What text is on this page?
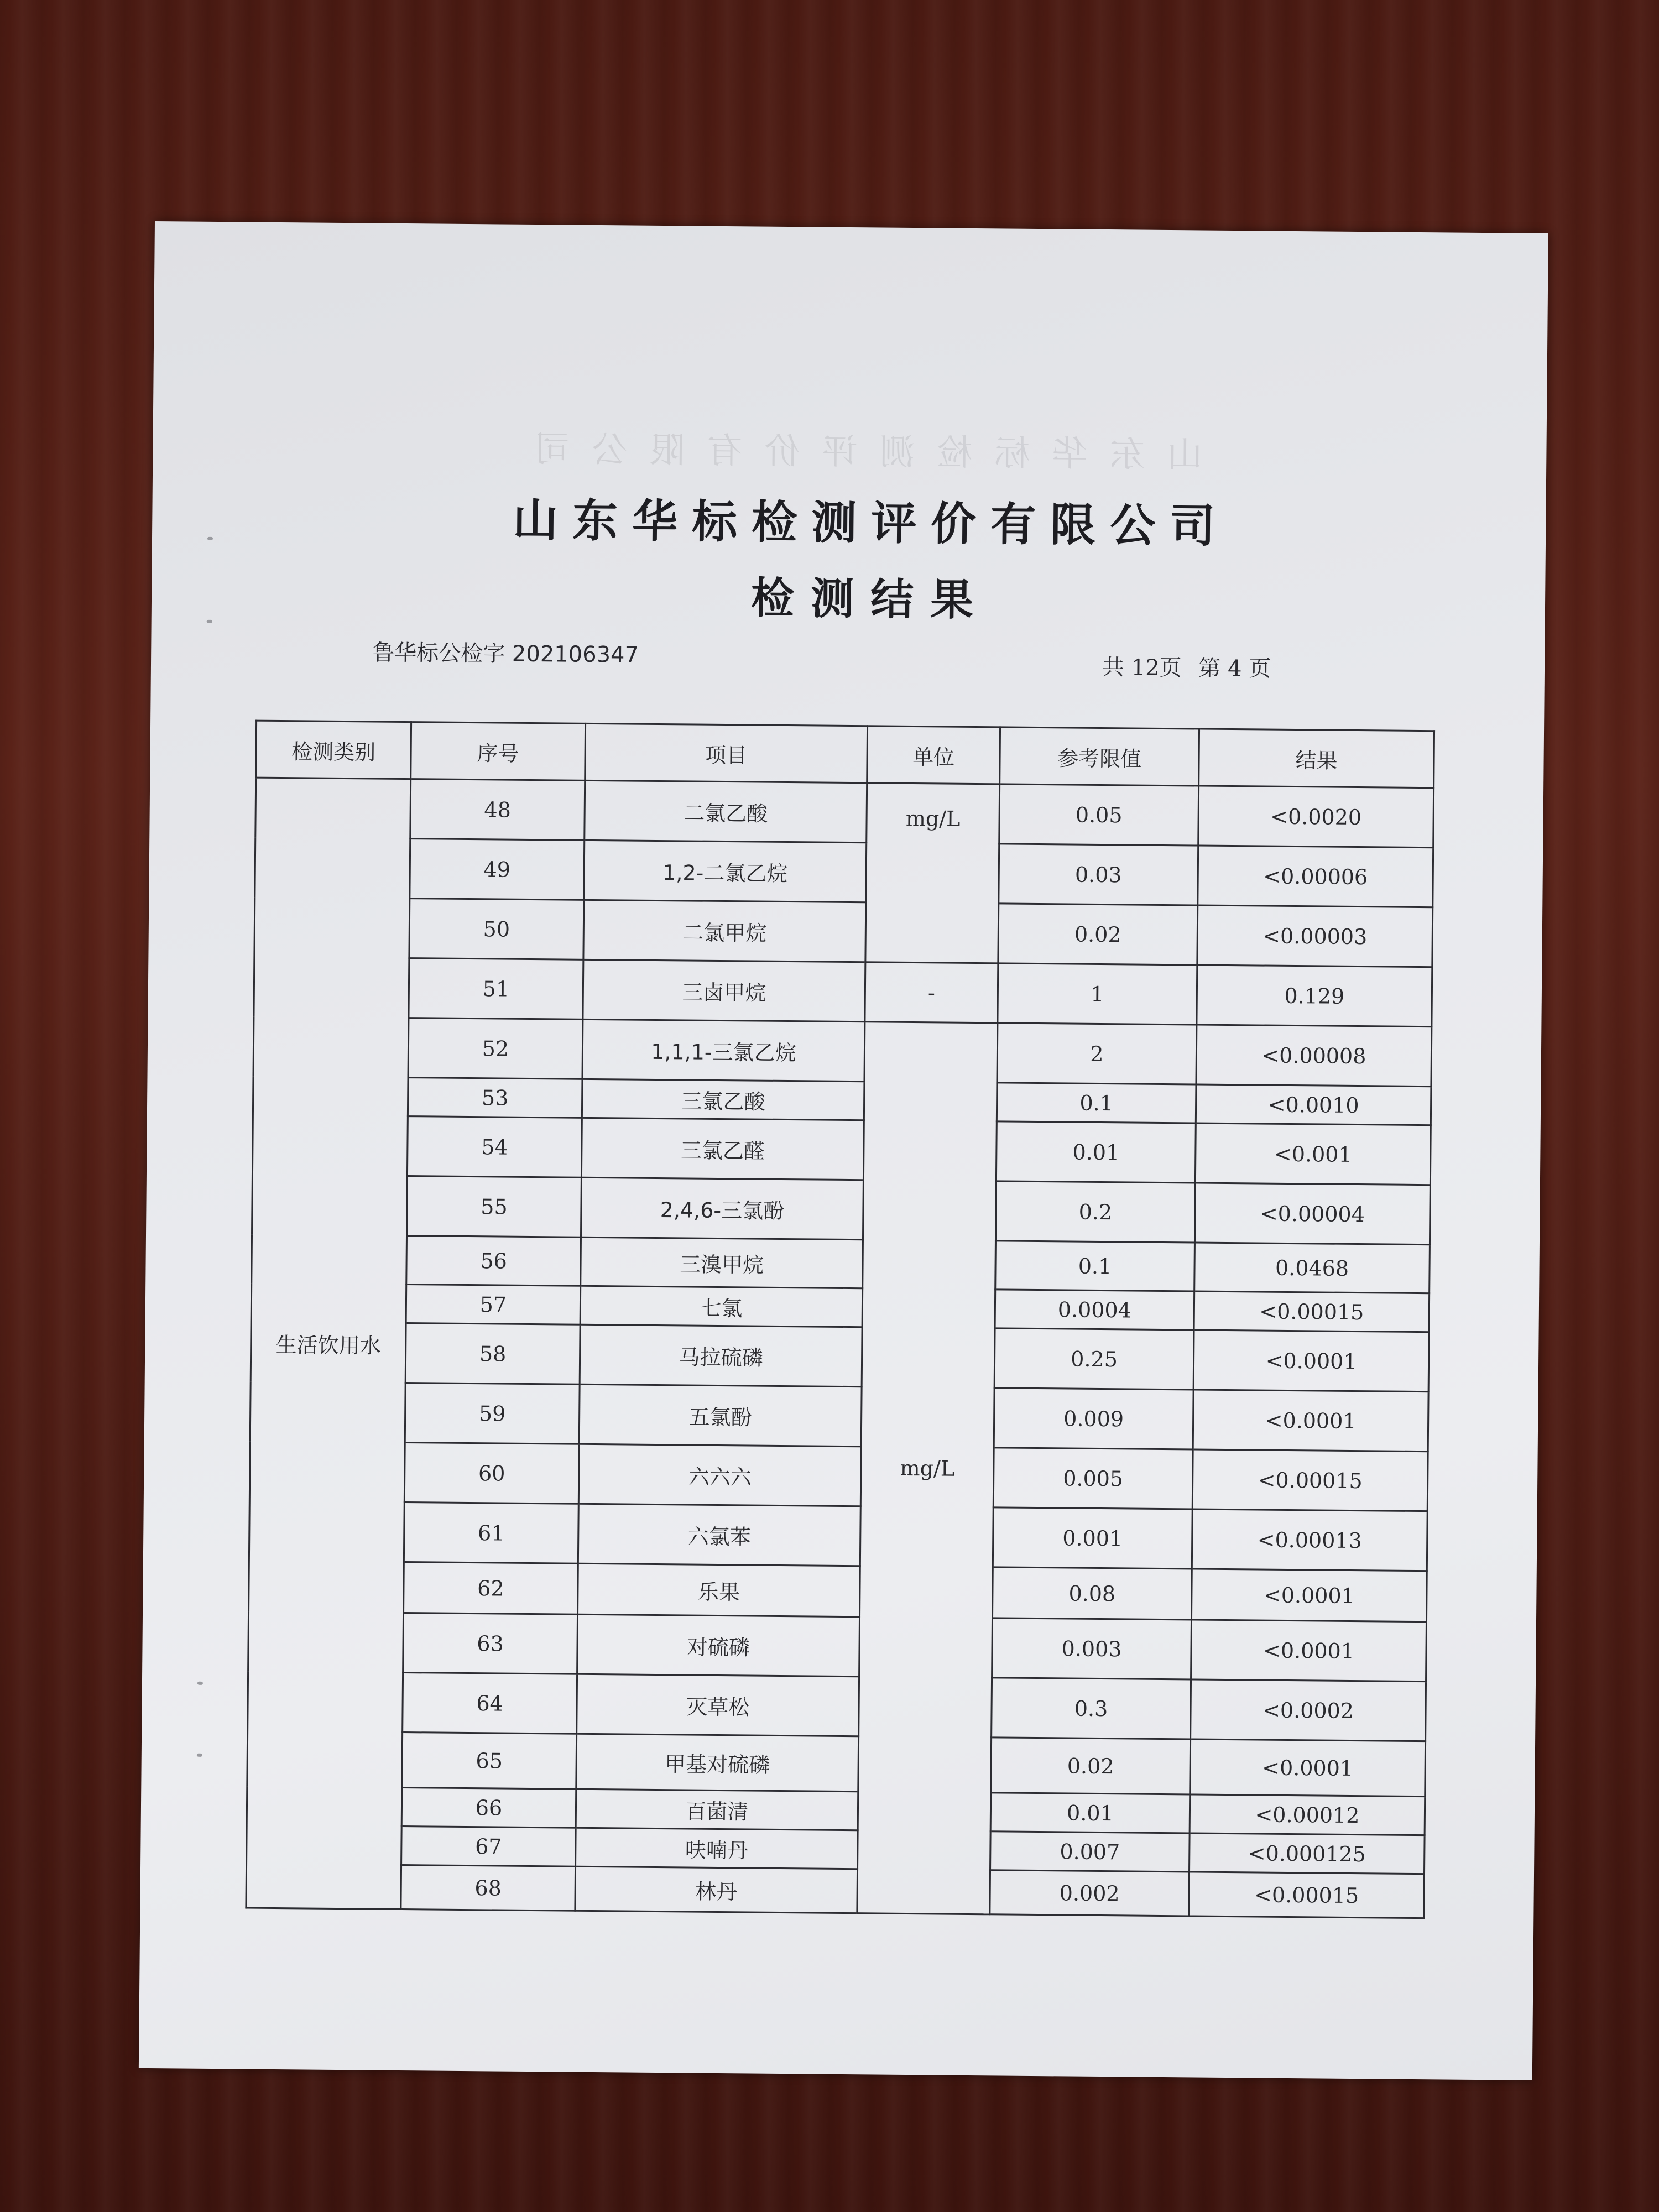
山东华标检测评价有限公司
山东华标检测评价有限公司
检测结果
鲁华标公检字 202106347	共 12页 第 4 页
检测类别	序号	项目	单位	参考限值	结果
生活饮用水	48	二氯乙酸	mg/L	0.05	<0.0020
	49	1,2-二氯乙烷		0.03	<0.00006
	50	二氯甲烷		0.02	<0.00003
	51	三卤甲烷	-	1	0.129
	52	1,1,1-三氯乙烷	mg/L	2	<0.00008
	53	三氯乙酸		0.1	<0.0010
	54	三氯乙醛		0.01	<0.001
	55	2,4,6-三氯酚		0.2	<0.00004
	56	三溴甲烷		0.1	0.0468
	57	七氯		0.0004	<0.00015
	58	马拉硫磷		0.25	<0.0001
	59	五氯酚		0.009	<0.0001
	60	六六六		0.005	<0.00015
	61	六氯苯		0.001	<0.00013
	62	乐果		0.08	<0.0001
	63	对硫磷		0.003	<0.0001
	64	灭草松		0.3	<0.0002
	65	甲基对硫磷		0.02	<0.0001
	66	百菌清		0.01	<0.00012
	67	呋喃丹		0.007	<0.000125
	68	林丹		0.002	<0.00015
